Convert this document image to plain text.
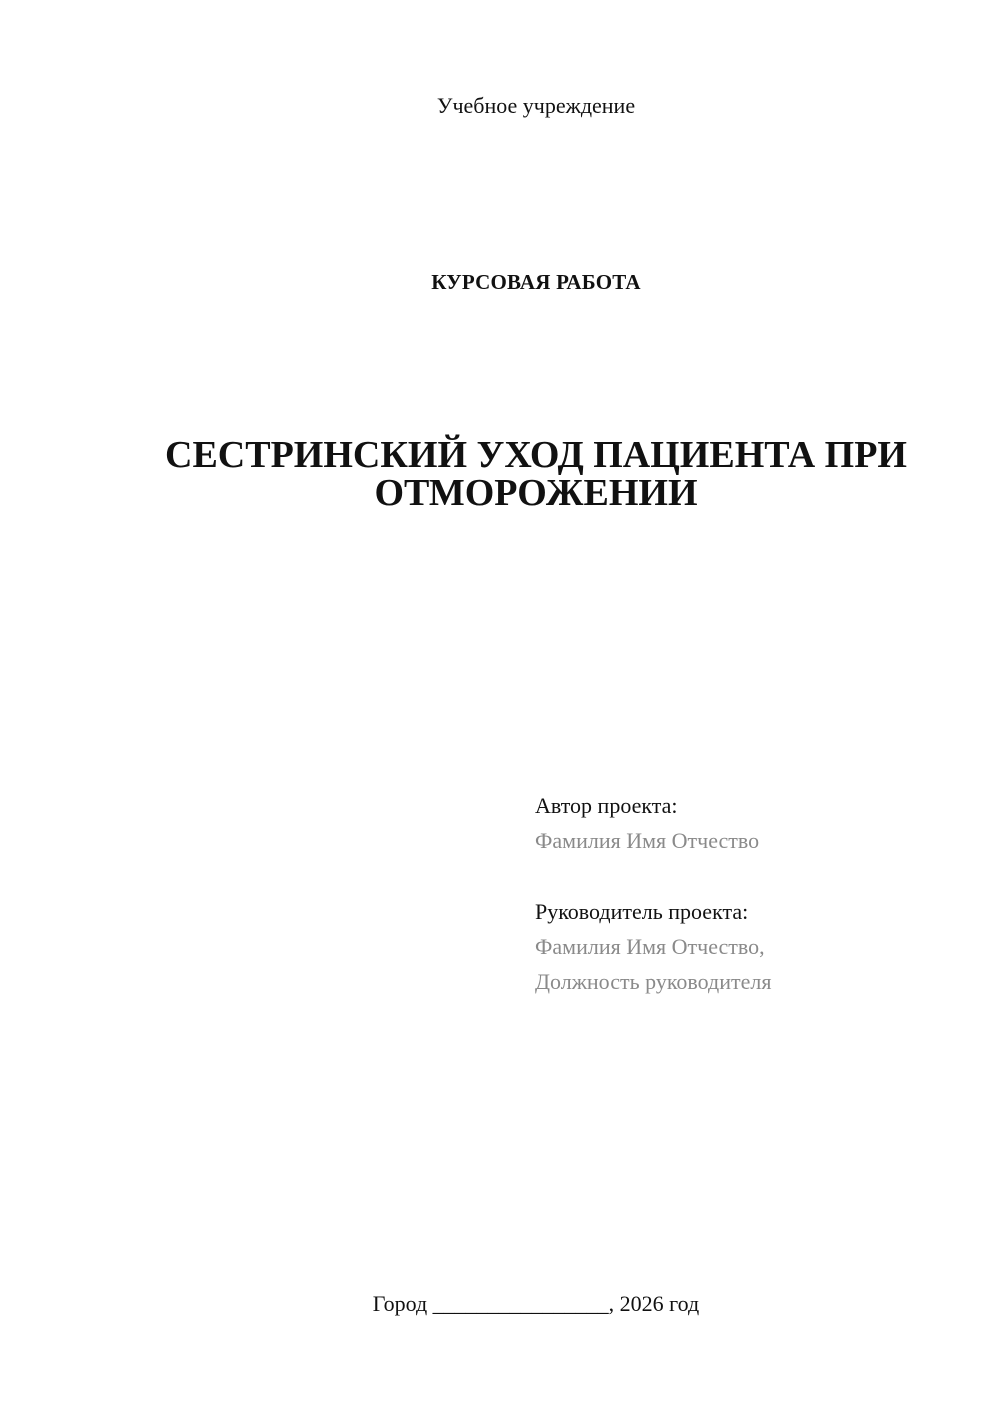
Учебное учреждение
КУРСОВАЯ РАБОТА
СЕСТРИНСКИЙ УХОД ПАЦИЕНТА ПРИ
ОТМОРОЖЕНИИ
Автор проекта:
Фамилия Имя Отчество
Руководитель проекта:
Фамилия Имя Отчество,
Должность руководителя
Город ________________, 2026 год
